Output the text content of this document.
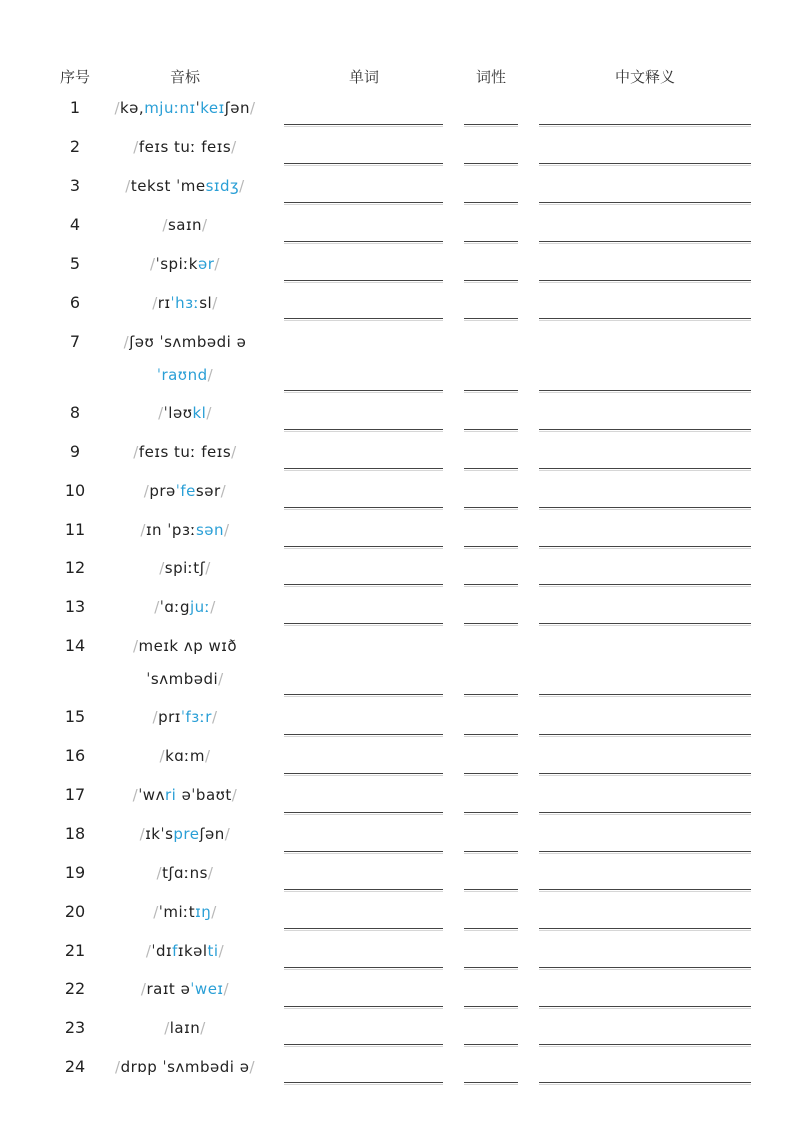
序号	音标	单词	词性	中文释义
1	/kə,mjuːnɪˈkeɪʃən/
2	/feɪs tuː feɪs/
3	/tekst ˈmesɪdʒ/
4	/saɪn/
5	/ˈspiːkər/
6	/rɪˈhɜːsl/
7	/ʃəʊ ˈsʌmbədi ə ˈraʊnd/
8	/ˈləʊkl/
9	/feɪs tuː feɪs/
10	/prəˈfesər/
11	/ɪn ˈpɜːsən/
12	/spiːtʃ/
13	/ˈɑːgjuː/
14	/meɪk ʌp wɪð ˈsʌmbədi/
15	/prɪˈfɜːr/
16	/kɑːm/
17	/ˈwʌri əˈbaʊt/
18	/ɪkˈspreʃən/
19	/tʃɑːns/
20	/ˈmiːtɪŋ/
21	/ˈdɪfɪkəlti/
22	/raɪt əˈweɪ/
23	/laɪn/
24	/drɒp ˈsʌmbədi ə/
